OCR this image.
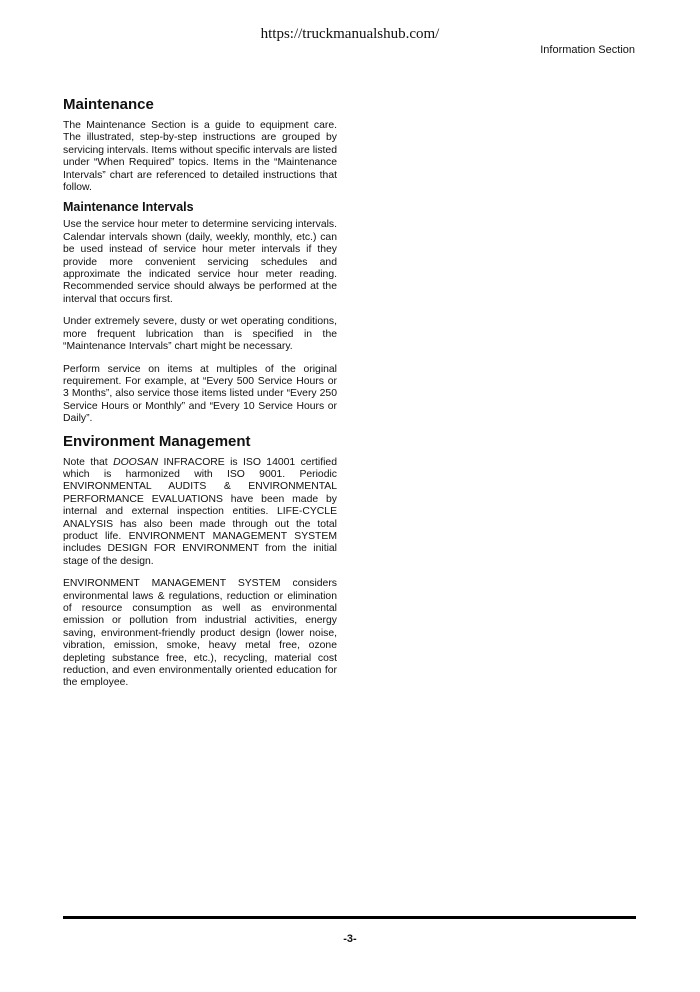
https://truckmanualshub.com/
Information Section
Maintenance

The Maintenance Section is a guide to equipment care. The illustrated, step-by-step instructions are grouped by servicing intervals. Items without specific intervals are listed under “When Required” topics. Items in the “Maintenance Intervals” chart are referenced to detailed instructions that follow.

Maintenance Intervals

Use the service hour meter to determine servicing intervals. Calendar intervals shown (daily, weekly, monthly, etc.) can be used instead of service hour meter intervals if they provide more convenient servicing schedules and approximate the indicated service hour meter reading. Recommended service should always be performed at the interval that occurs first.

Under extremely severe, dusty or wet operating conditions, more frequent lubrication than is specified in the “Maintenance Intervals” chart might be necessary.

Perform service on items at multiples of the original requirement. For example, at “Every 500 Service Hours or 3 Months”, also service those items listed under “Every 250 Service Hours or Monthly” and “Every 10 Service Hours or Daily”.

Environment Management

Note that DOOSAN INFRACORE is ISO 14001 certified which is harmonized with ISO 9001. Periodic ENVIRONMENTAL AUDITS & ENVIRONMENTAL PERFORMANCE EVALUATIONS have been made by internal and external inspection entities. LIFE-CYCLE ANALYSIS has also been made through out the total product life. ENVIRONMENT MANAGEMENT SYSTEM includes DESIGN FOR ENVIRONMENT from the initial stage of the design.

ENVIRONMENT MANAGEMENT SYSTEM considers environmental laws & regulations, reduction or elimination of resource consumption as well as environmental emission or pollution from industrial activities, energy saving, environment-friendly product design (lower noise, vibration, emission, smoke, heavy metal free, ozone depleting substance free, etc.), recycling, material cost reduction, and even environmentally oriented education for the employee.

-3-
